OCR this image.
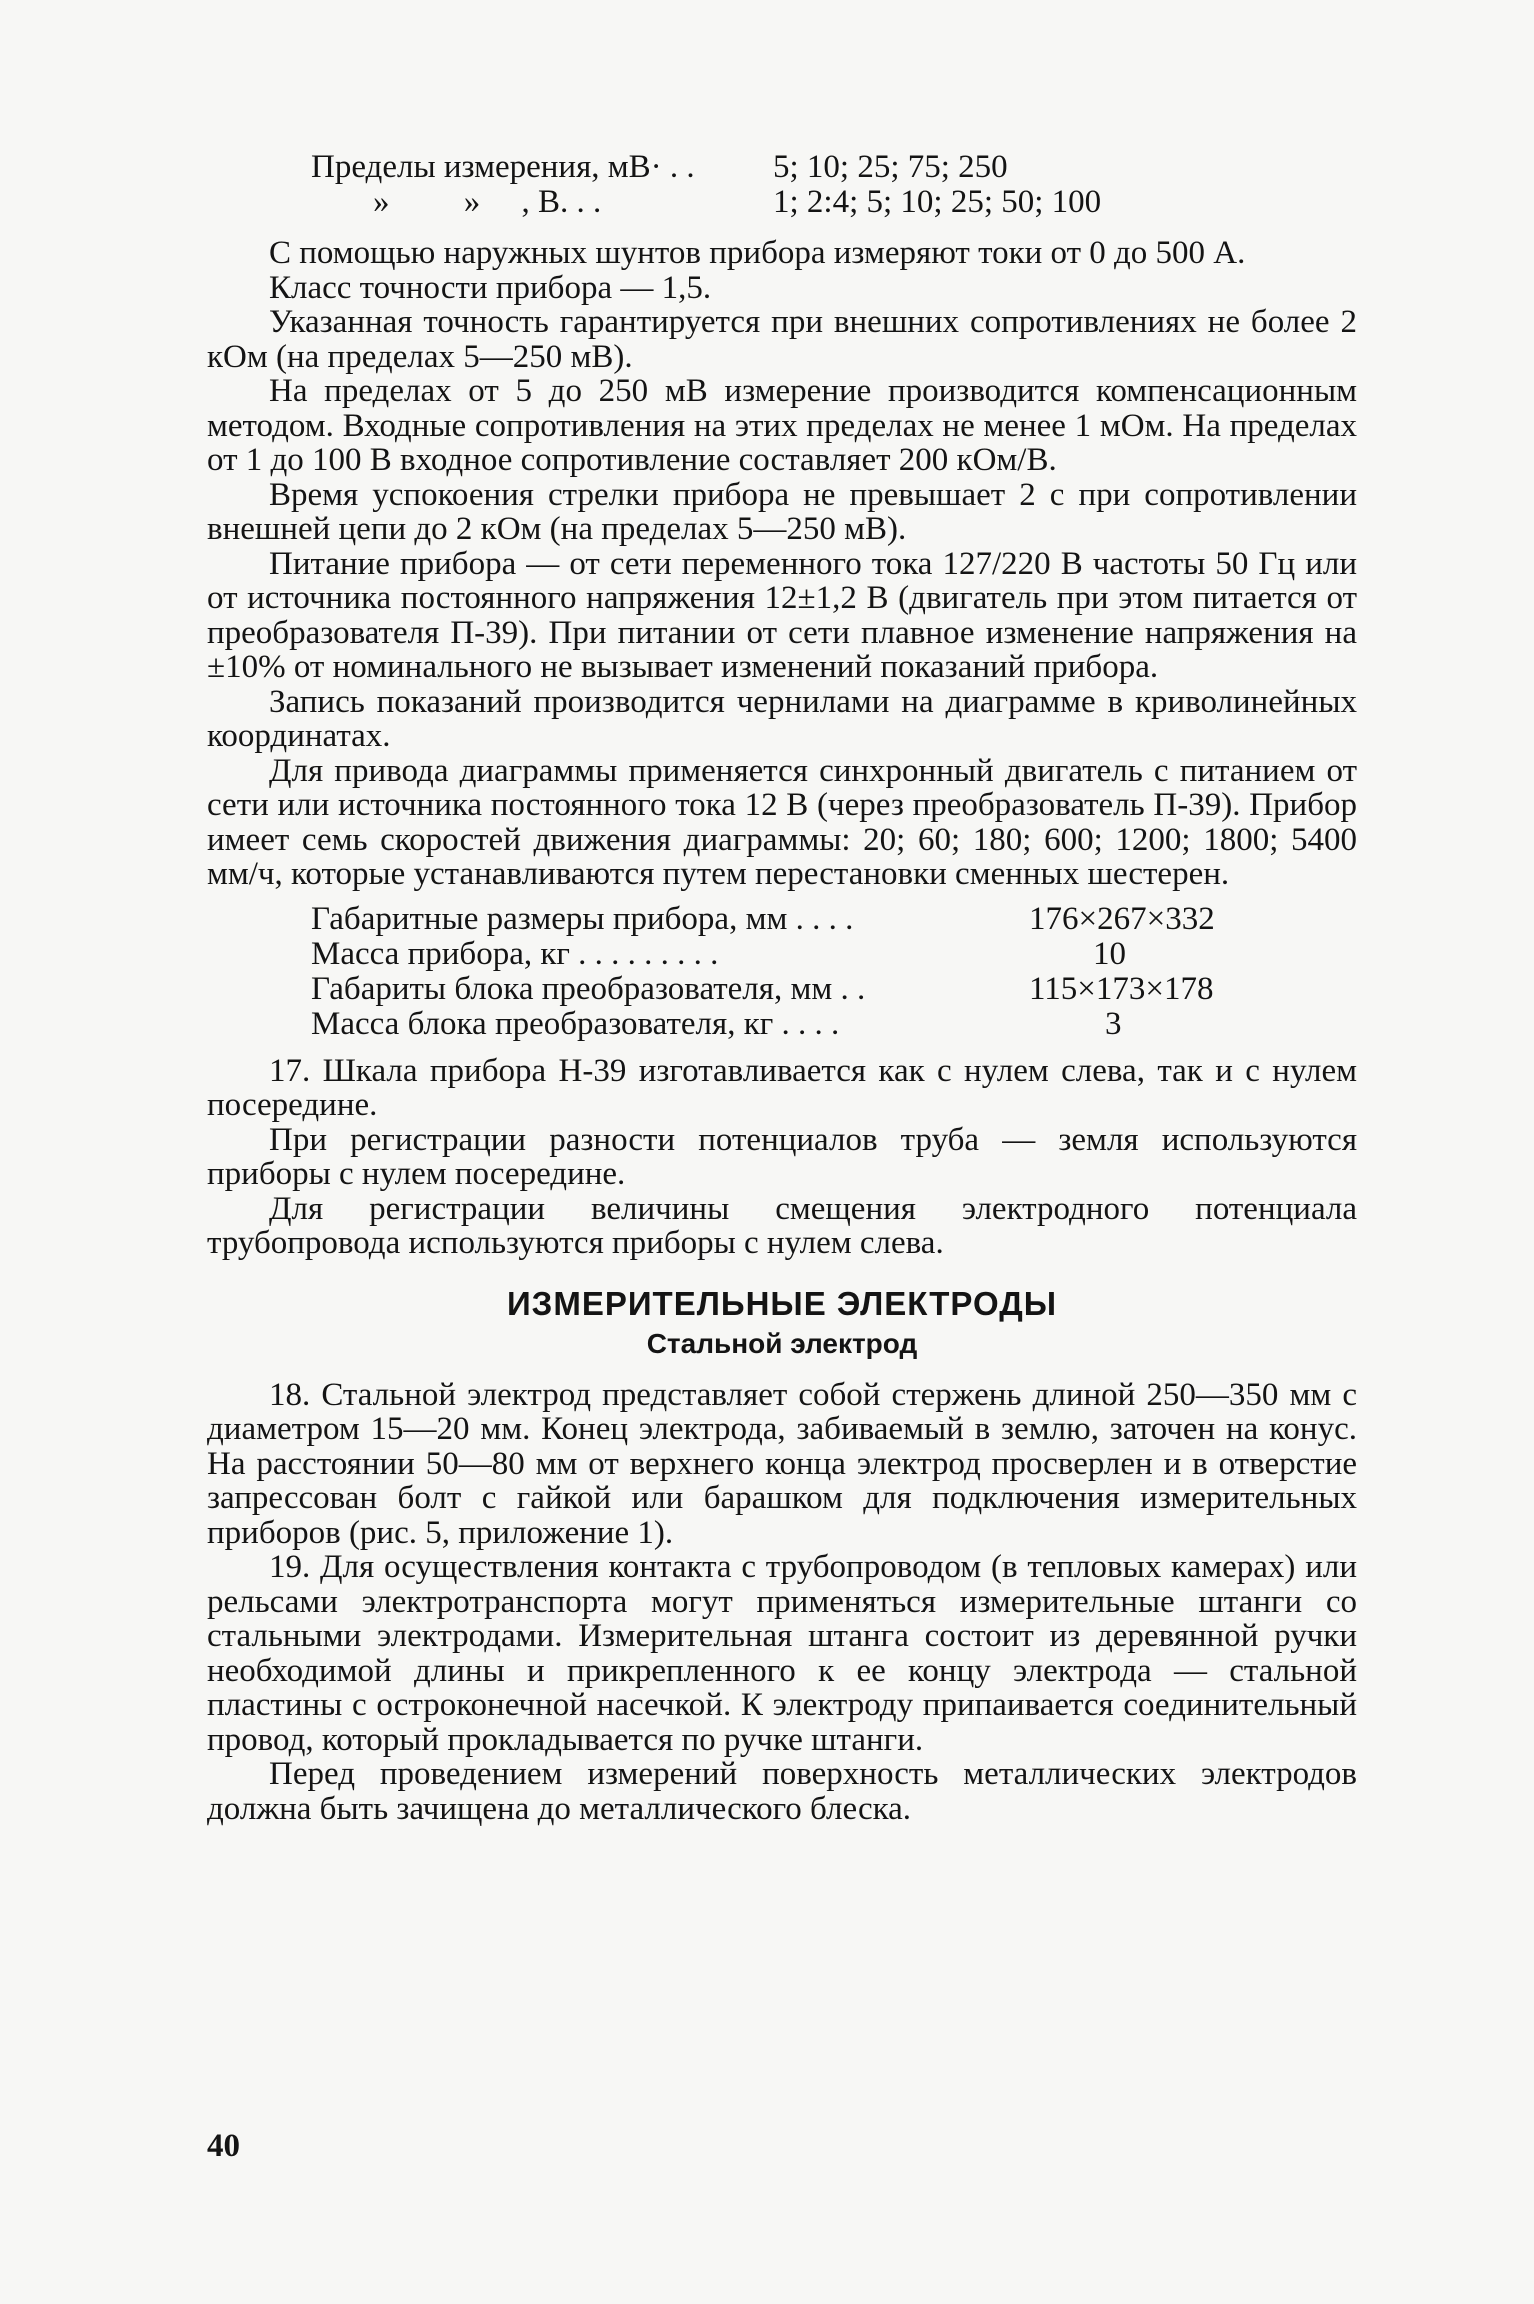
Пределы измерения, мВ· . . 5; 10; 25; 75; 250
»         »     , В. . .	1; 2:4; 5; 10; 25; 50; 100

С помощью наружных шунтов прибора измеряют токи от 0 до 500 А.

Класс точности прибора — 1,5.

Указанная точность гарантируется при внешних сопротивлениях не более 2 кОм (на пределах 5—250 мВ).

На пределах от 5 до 250 мВ измерение производится компенсационным методом. Входные сопротивления на этих пределах не менее 1 мОм. На пределах от 1 до 100 В входное сопротивление составляет 200 кОм/В.

Время успокоения стрелки прибора не превышает 2 с при сопротивлении внешней цепи до 2 кОм (на пределах 5—250 мВ).

Питание прибора — от сети переменного тока 127/220 В частоты 50 Гц или от источника постоянного напряжения 12±1,2 В (двигатель при этом питается от преобразователя П-39). При питании от сети плавное изменение напряжения на ±10% от номинального не вызывает изменений показаний прибора.

Запись показаний производится чернилами на диаграмме в криволинейных координатах.

Для привода диаграммы применяется синхронный двигатель с питанием от сети или источника постоянного тока 12 В (через преобразователь П-39). Прибор имеет семь скоростей движения диаграммы: 20; 60; 180; 600; 1200; 1800; 5400 мм/ч, которые устанавливаются путем перестановки сменных шестерен.

Габаритные размеры прибора, мм . . . .	176×267×332
Масса прибора, кг . . . . . . . . .	10
Габариты блока преобразователя, мм . .	115×173×178
Масса блока преобразователя, кг . . . .	3

17. Шкала прибора Н-39 изготавливается как с нулем слева, так и с нулем посередине.

При регистрации разности потенциалов труба — земля используются приборы с нулем посередине.

Для регистрации величины смещения электродного потенциала трубопровода используются приборы с нулем слева.

ИЗМЕРИТЕЛЬНЫЕ ЭЛЕКТРОДЫ
Стальной электрод

18. Стальной электрод представляет собой стержень длиной 250—350 мм с диаметром 15—20 мм. Конец электрода, забиваемый в землю, заточен на конус. На расстоянии 50—80 мм от верхнего конца электрод просверлен и в отверстие запрессован болт с гайкой или барашком для подключения измерительных приборов (рис. 5, приложение 1).

19. Для осуществления контакта с трубопроводом (в тепловых камерах) или рельсами электротранспорта могут применяться измерительные штанги со стальными электродами. Измерительная штанга состоит из деревянной ручки необходимой длины и прикрепленного к ее концу электрода — стальной пластины с остроконечной насечкой. К электроду припаивается соединительный провод, который прокладывается по ручке штанги.

Перед проведением измерений поверхность металлических электродов должна быть зачищена до металлического блеска.

40
